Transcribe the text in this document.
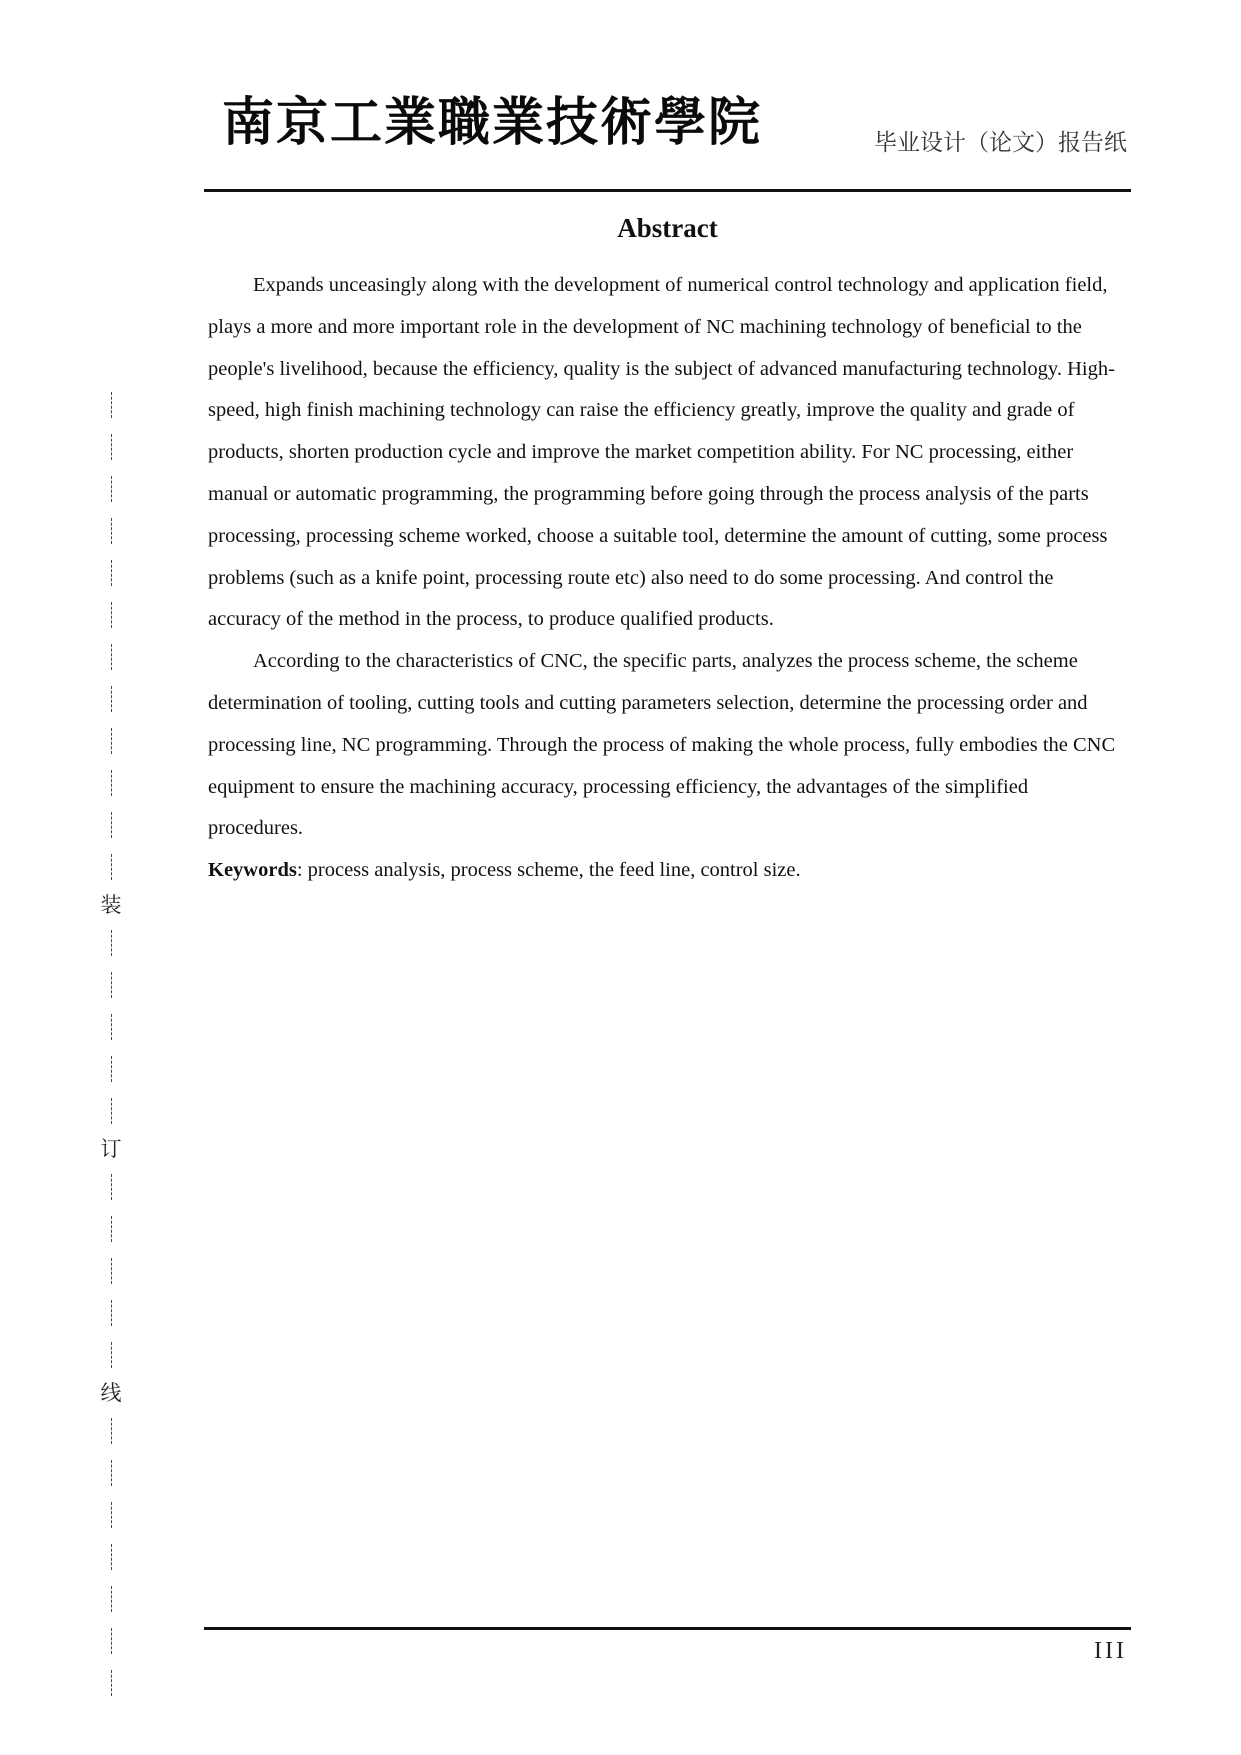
南京工業職業技術學院	毕业设计（论文）报告纸
Abstract

Expands unceasingly along with the development of numerical control technology and application field, plays a more and more important role in the development of NC machining technology of beneficial to the people's livelihood, because the efficiency, quality is the subject of advanced manufacturing technology. High-speed, high finish machining technology can raise the efficiency greatly, improve the quality and grade of products, shorten production cycle and improve the market competition ability. For NC processing, either manual or automatic programming, the programming before going through the process analysis of the parts processing, processing scheme worked, choose a suitable tool, determine the amount of cutting, some process problems (such as a knife point, processing route etc) also need to do some processing. And control the accuracy of the method in the process, to produce qualified products.

According to the characteristics of CNC, the specific parts, analyzes the process scheme, the scheme determination of tooling, cutting tools and cutting parameters selection, determine the processing order and processing line, NC programming. Through the process of making the whole process, fully embodies the CNC equipment to ensure the machining accuracy, processing efficiency, the advantages of the simplified procedures.

Keywords: process analysis, process scheme, the feed line, control size.

III
装
订
线
